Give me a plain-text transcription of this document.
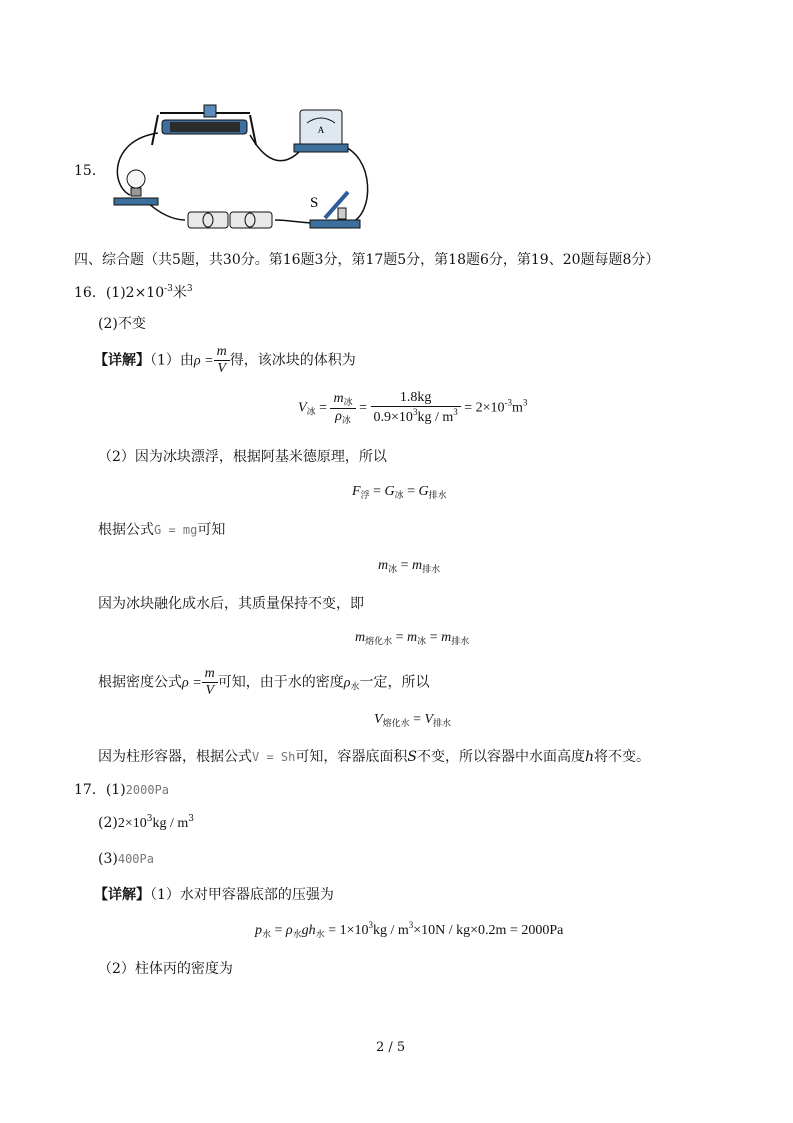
15．
A
S
四、综合题（共5题，共30分。第16题3分，第17题5分，第18题6分，第19、20题每题8分）
16．$(1)2\times 10^{-3}$米$^3$
(2)不变
【详解】（1）由$\rho = \frac{m}{V}$ 得，该冰块的体积为
$V_冰 = \frac{m_冰}{\rho_冰} = \frac{1.8kg}{0.9\times 10^3kg / m^3} = 2\times 10^{-3}m^3$
（2）因为冰块漂浮，根据阿基米德原理，所以
$F_浮 = G_冰 = G_{排水}$
根据公式G = mg可知
$m_冰 = m_{排水}$
因为冰块融化成水后，其质量保持不变，即
$m_{熔化水} = m_冰 = m_{排水}$
根据密度公式$\rho = \frac{m}{V}$ 可知，由于水的密度$\rho_水$一定，所以
$V_{熔化水} = V_{排水}$
因为柱形容器，根据公式V = Sh可知，容器底面积S不变，所以容器中水面高度h将不变。
17．(1)2000Pa
$(2)2\times 10^3kg / m^3$
(3)400Pa
【详解】（1）水对甲容器底部的压强为
$p_水 = \rho_水gh_水 = 1\times 10^3kg / m^3\times 10N / kg\times 0.2m = 2000Pa$
（2）柱体丙的密度为
2 / 5
